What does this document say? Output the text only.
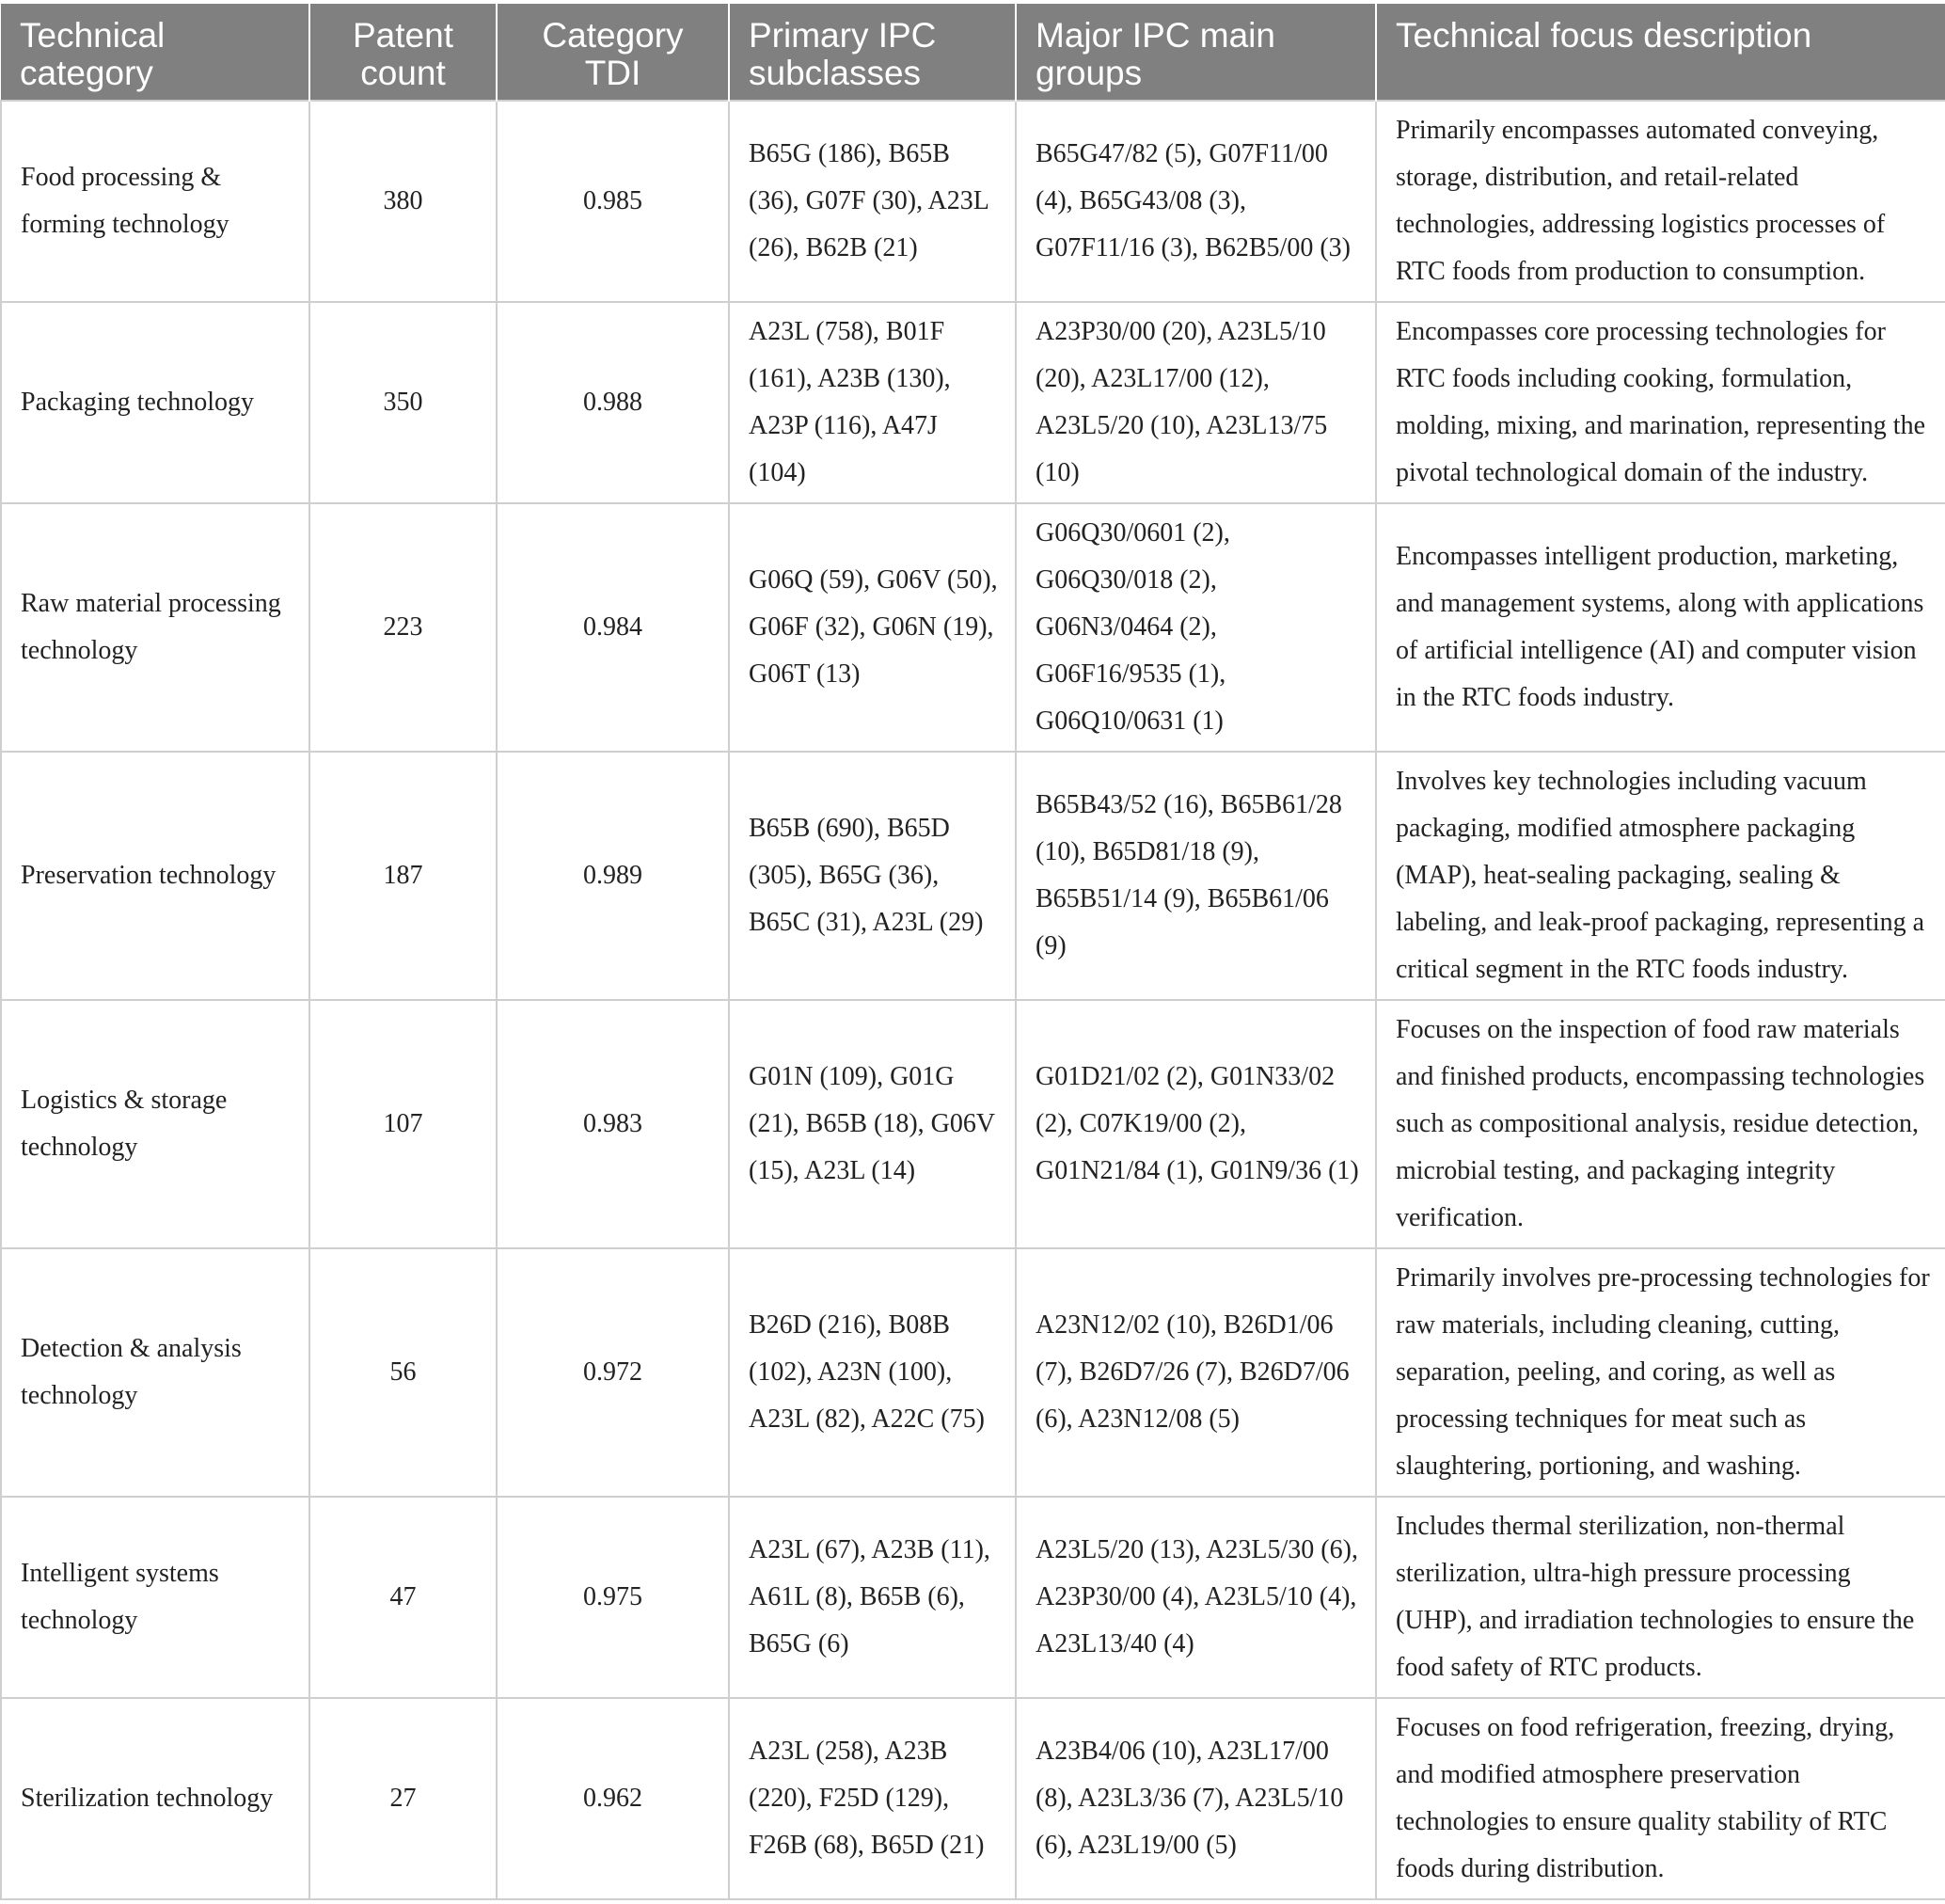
Technical category	Patent count	Category TDI	Primary IPC subclasses	Major IPC main groups	Technical focus description
Food processing & forming technology	380	0.985	B65G (186), B65B (36), G07F (30), A23L (26), B62B (21)	B65G47/82 (5), G07F11/00 (4), B65G43/08 (3), G07F11/16 (3), B62B5/00 (3)	Primarily encompasses automated conveying, storage, distribution, and retail-related technologies, addressing logistics processes of RTC foods from production to consumption.
Packaging technology	350	0.988	A23L (758), B01F (161), A23B (130), A23P (116), A47J (104)	A23P30/00 (20), A23L5/10 (20), A23L17/00 (12), A23L5/20 (10), A23L13/75 (10)	Encompasses core processing technologies for RTC foods including cooking, formulation, molding, mixing, and marination, representing the pivotal technological domain of the industry.
Raw material processing technology	223	0.984	G06Q (59), G06V (50), G06F (32), G06N (19), G06T (13)	G06Q30/0601 (2), G06Q30/018 (2), G06N3/0464 (2), G06F16/9535 (1), G06Q10/0631 (1)	Encompasses intelligent production, marketing, and management systems, along with applications of artificial intelligence (AI) and computer vision in the RTC foods industry.
Preservation technology	187	0.989	B65B (690), B65D (305), B65G (36), B65C (31), A23L (29)	B65B43/52 (16), B65B61/28 (10), B65D81/18 (9), B65B51/14 (9), B65B61/06 (9)	Involves key technologies including vacuum packaging, modified atmosphere packaging (MAP), heat-sealing packaging, sealing & labeling, and leak-proof packaging, representing a critical segment in the RTC foods industry.
Logistics & storage technology	107	0.983	G01N (109), G01G (21), B65B (18), G06V (15), A23L (14)	G01D21/02 (2), G01N33/02 (2), C07K19/00 (2), G01N21/84 (1), G01N9/36 (1)	Focuses on the inspection of food raw materials and finished products, encompassing technologies such as compositional analysis, residue detection, microbial testing, and packaging integrity verification.
Detection & analysis technology	56	0.972	B26D (216), B08B (102), A23N (100), A23L (82), A22C (75)	A23N12/02 (10), B26D1/06 (7), B26D7/26 (7), B26D7/06 (6), A23N12/08 (5)	Primarily involves pre-processing technologies for raw materials, including cleaning, cutting, separation, peeling, and coring, as well as processing techniques for meat such as slaughtering, portioning, and washing.
Intelligent systems technology	47	0.975	A23L (67), A23B (11), A61L (8), B65B (6), B65G (6)	A23L5/20 (13), A23L5/30 (6), A23P30/00 (4), A23L5/10 (4), A23L13/40 (4)	Includes thermal sterilization, non-thermal sterilization, ultra-high pressure processing (UHP), and irradiation technologies to ensure the food safety of RTC products.
Sterilization technology	27	0.962	A23L (258), A23B (220), F25D (129), F26B (68), B65D (21)	A23B4/06 (10), A23L17/00 (8), A23L3/36 (7), A23L5/10 (6), A23L19/00 (5)	Focuses on food refrigeration, freezing, drying, and modified atmosphere preservation technologies to ensure quality stability of RTC foods during distribution.
